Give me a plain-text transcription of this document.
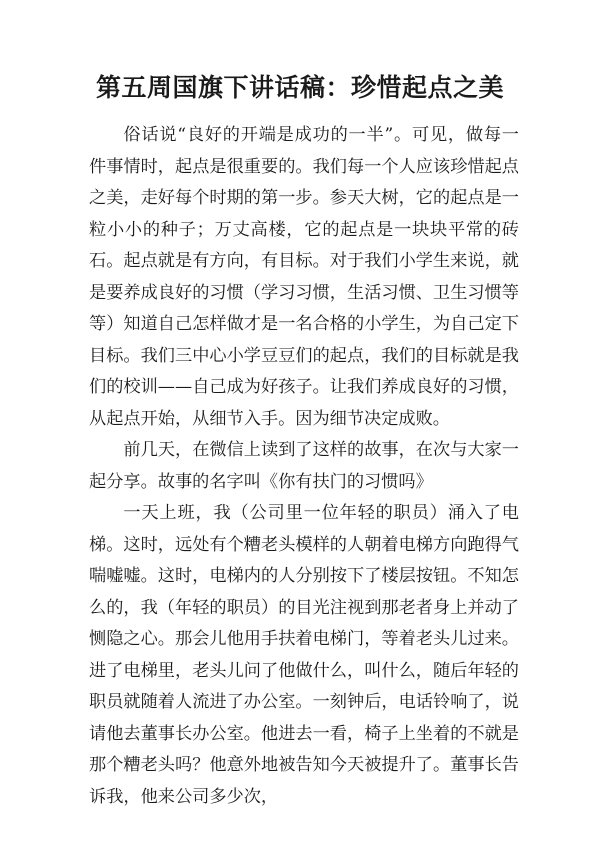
第五周国旗下讲话稿：珍惜起点之美

俗话说“良好的开端是成功的一半”。可见，做每一件事情时，起点是很重要的。我们每一个人应该珍惜起点之美，走好每个时期的第一步。参天大树，它的起点是一粒小小的种子；万丈高楼，它的起点是一块块平常的砖石。起点就是有方向，有目标。对于我们小学生来说，就是要养成良好的习惯（学习习惯，生活习惯、卫生习惯等等）知道自己怎样做才是一名合格的小学生，为自己定下目标。我们三中心小学豆豆们的起点，我们的目标就是我们的校训——自己成为好孩子。让我们养成良好的习惯，从起点开始，从细节入手。因为细节决定成败。

前几天，在微信上读到了这样的故事，在次与大家一起分享。故事的名字叫《你有扶门的习惯吗》

一天上班，我（公司里一位年轻的职员）涌入了电梯。这时，远处有个糟老头模样的人朝着电梯方向跑得气喘嘘嘘。这时，电梯内的人分别按下了楼层按钮。不知怎么的，我（年轻的职员）的目光注视到那老者身上并动了恻隐之心。那会儿他用手扶着电梯门，等着老头儿过来。进了电梯里，老头儿问了他做什么，叫什么，随后年轻的职员就随着人流进了办公室。一刻钟后，电话铃响了，说请他去董事长办公室。他进去一看，椅子上坐着的不就是那个糟老头吗？他意外地被告知今天被提升了。董事长告诉我，他来公司多少次，
